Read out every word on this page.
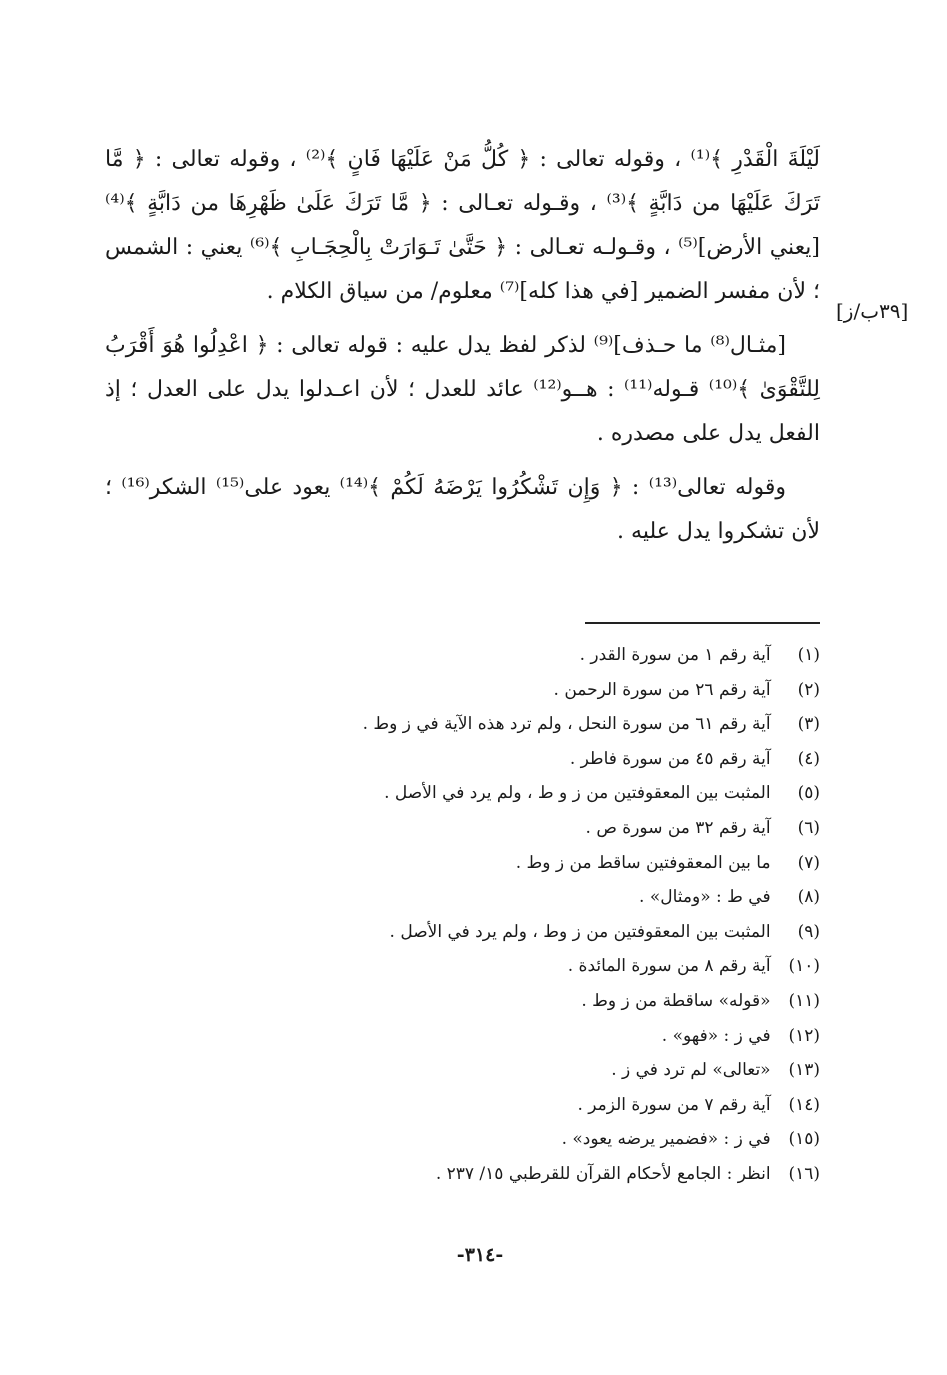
لَيْلَةَ الْقَدْرِ ﴾⁽¹⁾ ، وقوله تعالى : ﴿ كُلُّ مَنْ عَلَيْهَا فَانٍ ﴾⁽²⁾ ، وقوله تعالى : ﴿ مَّا تَرَكَ عَلَيْهَا من دَابَّةٍ ﴾⁽³⁾ ، وقـوله تعـالى : ﴿ مَّا تَرَكَ عَلَىٰ ظَهْرِهَا من دَابَّةٍ ﴾⁽⁴⁾ [يعني الأرض]⁽⁵⁾ ، وقـولـه تعـالى : ﴿ حَتَّىٰ تَـوَارَتْ بِالْحِجَـابِ ﴾⁽⁶⁾ يعني : الشمس ؛ لأن مفسر الضمير [في هذا كله]⁽⁷⁾ معلوم/ من سياق الكلام .

[مثـال⁽⁸⁾ ما حـذف]⁽⁹⁾ لذكر لفظ يدل عليه : قوله تعالى : ﴿ اعْدِلُوا هُوَ أَقْرَبُ لِلتَّقْوَىٰ ﴾⁽¹⁰⁾ قـوله⁽¹¹⁾ : هــو⁽¹²⁾ عائد للعدل ؛ لأن اعـدلوا يدل على العدل ؛ إذ الفعل يدل على مصدره .

وقوله تعالى⁽¹³⁾ : ﴿ وَإِن تَشْكُرُوا يَرْضَهُ لَكُمْ ﴾⁽¹⁴⁾ يعود على⁽¹⁵⁾ الشكر⁽¹⁶⁾ ؛ لأن تشكروا يدل عليه .

[٣٩ب/ز]
(١) آية رقم ١ من سورة القدر .
(٢) آية رقم ٢٦ من سورة الرحمن .
(٣) آية رقم ٦١ من سورة النحل ، ولم ترد هذه الآية في ز وط .
(٤) آية رقم ٤٥ من سورة فاطر .
(٥) المثبت بين المعقوفتين من ز و ط ، ولم يرد في الأصل .
(٦) آية رقم ٣٢ من سورة ص .
(٧) ما بين المعقوفتين ساقط من ز وط .
(٨) في ط : «ومثال» .
(٩) المثبت بين المعقوفتين من ز وط ، ولم يرد في الأصل .
(١٠) آية رقم ٨ من سورة المائدة .
(١١) «قوله» ساقطة من ز وط .
(١٢) في ز : «فهو» .
(١٣) «تعالى» لم ترد في ز .
(١٤) آية رقم ٧ من سورة الزمر .
(١٥) في ز : «فضمير يرضه يعود» .
(١٦) انظر : الجامع لأحكام القرآن للقرطبي ١٥/ ٢٣٧ .
-٣١٤-
